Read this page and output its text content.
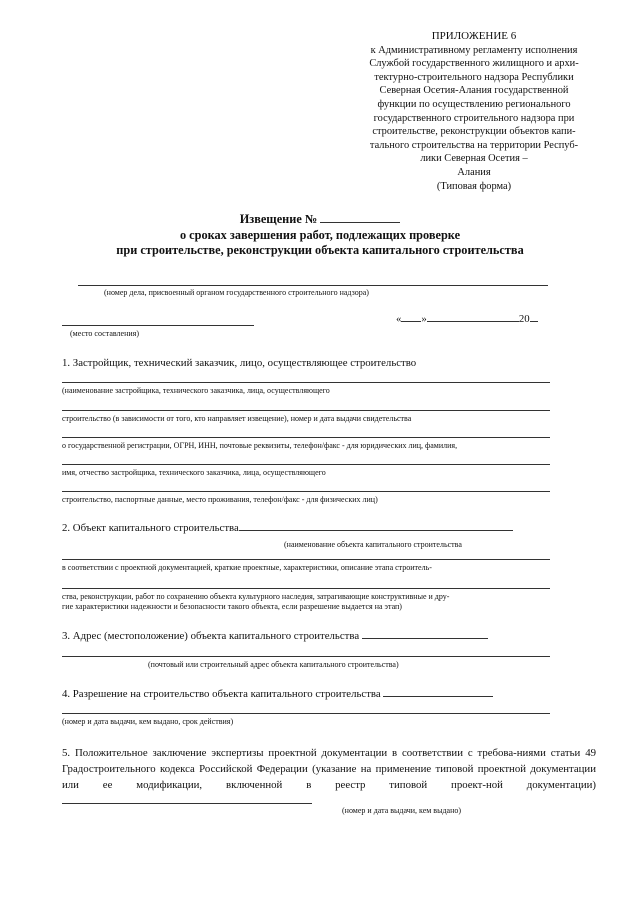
ПРИЛОЖЕНИЕ 6
к Административному регламенту исполнения
Службой государственного жилищного и архи-
тектурно-строительного надзора Республики
Северная Осетия-Алания государственной
функции по осуществлению регионального
государственного строительного надзора при
строительстве, реконструкции объектов капи-
тального строительства на территории Респуб-
лики Северная Осетия –
Алания
(Типовая форма)
Извещение №
о сроках завершения работ, подлежащих проверке
при строительстве, реконструкции объекта капитального строительства
(номер дела, присвоенный органом государственного строительного надзора)
(место составления)
« »	20
1. Застройщик, технический заказчик, лицо, осуществляющее строительство
(наименование застройщика, технического заказчика, лица, осуществляющего
строительство (в зависимости от того, кто направляет извещение), номер и дата выдачи свидетельства
о государственной регистрации, ОГРН, ИНН, почтовые реквизиты, телефон/факс - для юридических лиц, фамилия,
имя, отчество застройщика, технического заказчика, лица, осуществляющего
строительство, паспортные данные, место проживания, телефон/факс - для физических лиц)
2. Объект капитального строительства
(наименование объекта капитального строительства
в соответствии с проектной документацией, краткие проектные, характеристики, описание этапа строитель-
ства, реконструкции, работ по сохранению объекта культурного наследия, затрагивающие конструктивные и дру-
гие характеристики надежности и безопасности такого объекта, если разрешение выдается на этап)
3. Адрес (местоположение) объекта капитального строительства
(почтовый или строительный адрес объекта капитального строительства)
4. Разрешение на строительство объекта капитального строительства
(номер и дата выдачи, кем выдано, срок действия)
5. Положительное заключение экспертизы проектной документации в соответствии с требова-ниями статьи 49 Градостроительного кодекса Российской Федерации (указание на применение типовой проектной документации или ее модификации, включенной в реестр типовой проект-ной документации)
(номер и дата выдачи, кем выдано)
